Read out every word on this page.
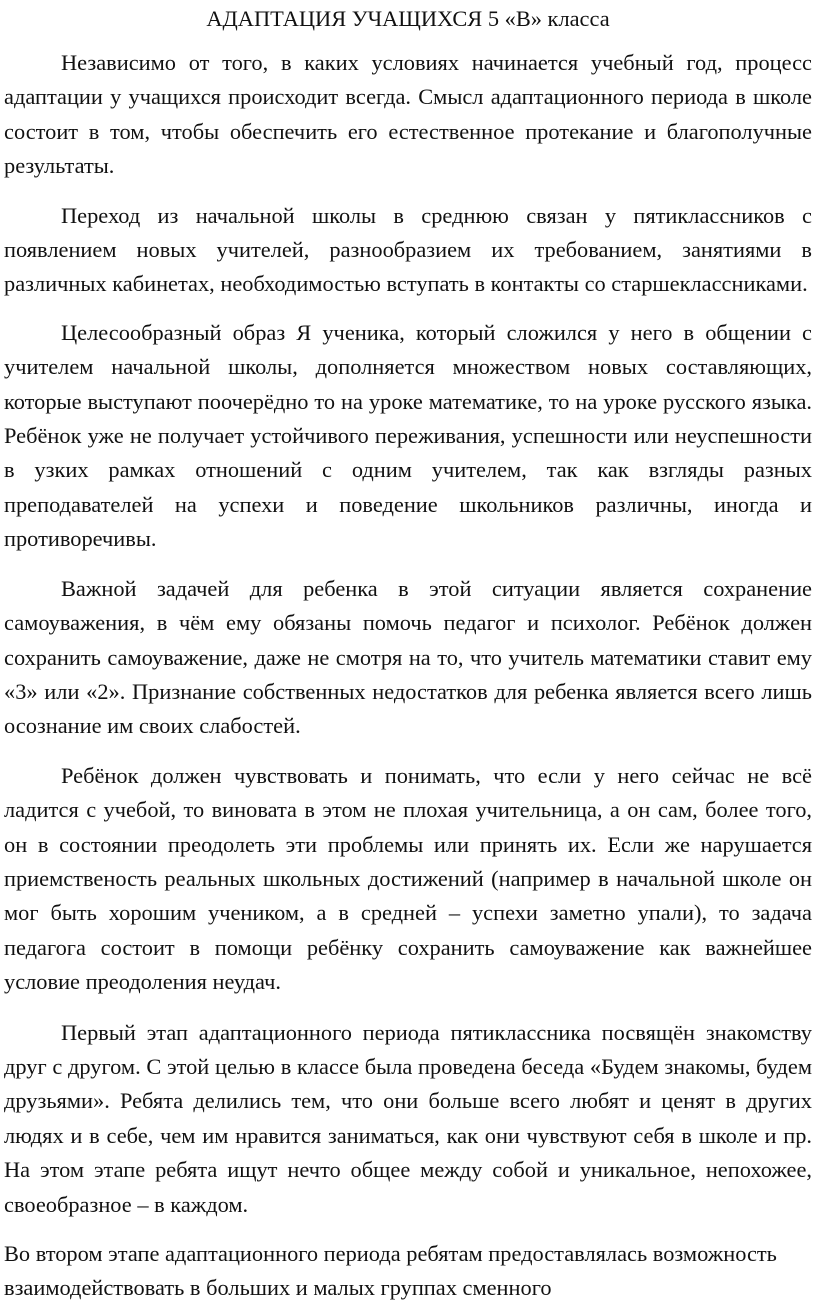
АДАПТАЦИЯ УЧАЩИХСЯ 5 «В» класса

Независимо от того, в каких условиях начинается учебный год, процесс адаптации у учащихся происходит всегда. Смысл адаптационного периода в школе состоит в том, чтобы обеспечить его естественное протекание и благополучные результаты.

Переход из начальной школы в среднюю связан у пятиклассников с появлением новых учителей, разнообразием их требованием, занятиями в различных кабинетах, необходимостью вступать в контакты со старшеклассниками.

Целесообразный образ Я ученика, который сложился у него в общении с учителем начальной школы, дополняется множеством новых составляющих, которые выступают поочерёдно то на уроке математике, то на уроке русского языка. Ребёнок уже не получает устойчивого переживания, успешности или неуспешности в узких рамках отношений с одним учителем, так как взгляды разных преподавателей на успехи и поведение школьников различны, иногда и противоречивы.

Важной задачей для ребенка в этой ситуации является сохранение самоуважения, в чём ему обязаны помочь педагог и психолог. Ребёнок должен сохранить самоуважение, даже не смотря на то, что учитель математики ставит ему «3» или «2». Признание собственных недостатков для ребенка является всего лишь осознание им своих слабостей.

Ребёнок должен чувствовать и понимать, что если у него сейчас не всё ладится с учебой, то виновата в этом не плохая учительница, а он сам, более того, он в состоянии преодолеть эти проблемы или принять их. Если же нарушается приемственость реальных школьных достижений (например в начальной школе он мог быть хорошим учеником, а в средней – успехи заметно упали), то задача педагога состоит в помощи ребёнку сохранить самоуважение как важнейшее условие преодоления неудач.

Первый этап адаптационного периода пятиклассника посвящён знакомству друг с другом. С этой целью в классе была проведена беседа «Будем знакомы, будем друзьями». Ребята делились тем, что они больше всего любят и ценят в других людях и в себе, чем им нравится заниматься, как они чувствуют себя в школе и пр. На этом этапе ребята ищут нечто общее между собой и уникальное, непохожее, своеобразное – в каждом.

Во втором этапе адаптационного периода ребятам предоставлялась возможность взаимодействовать в больших и малых группах сменного
